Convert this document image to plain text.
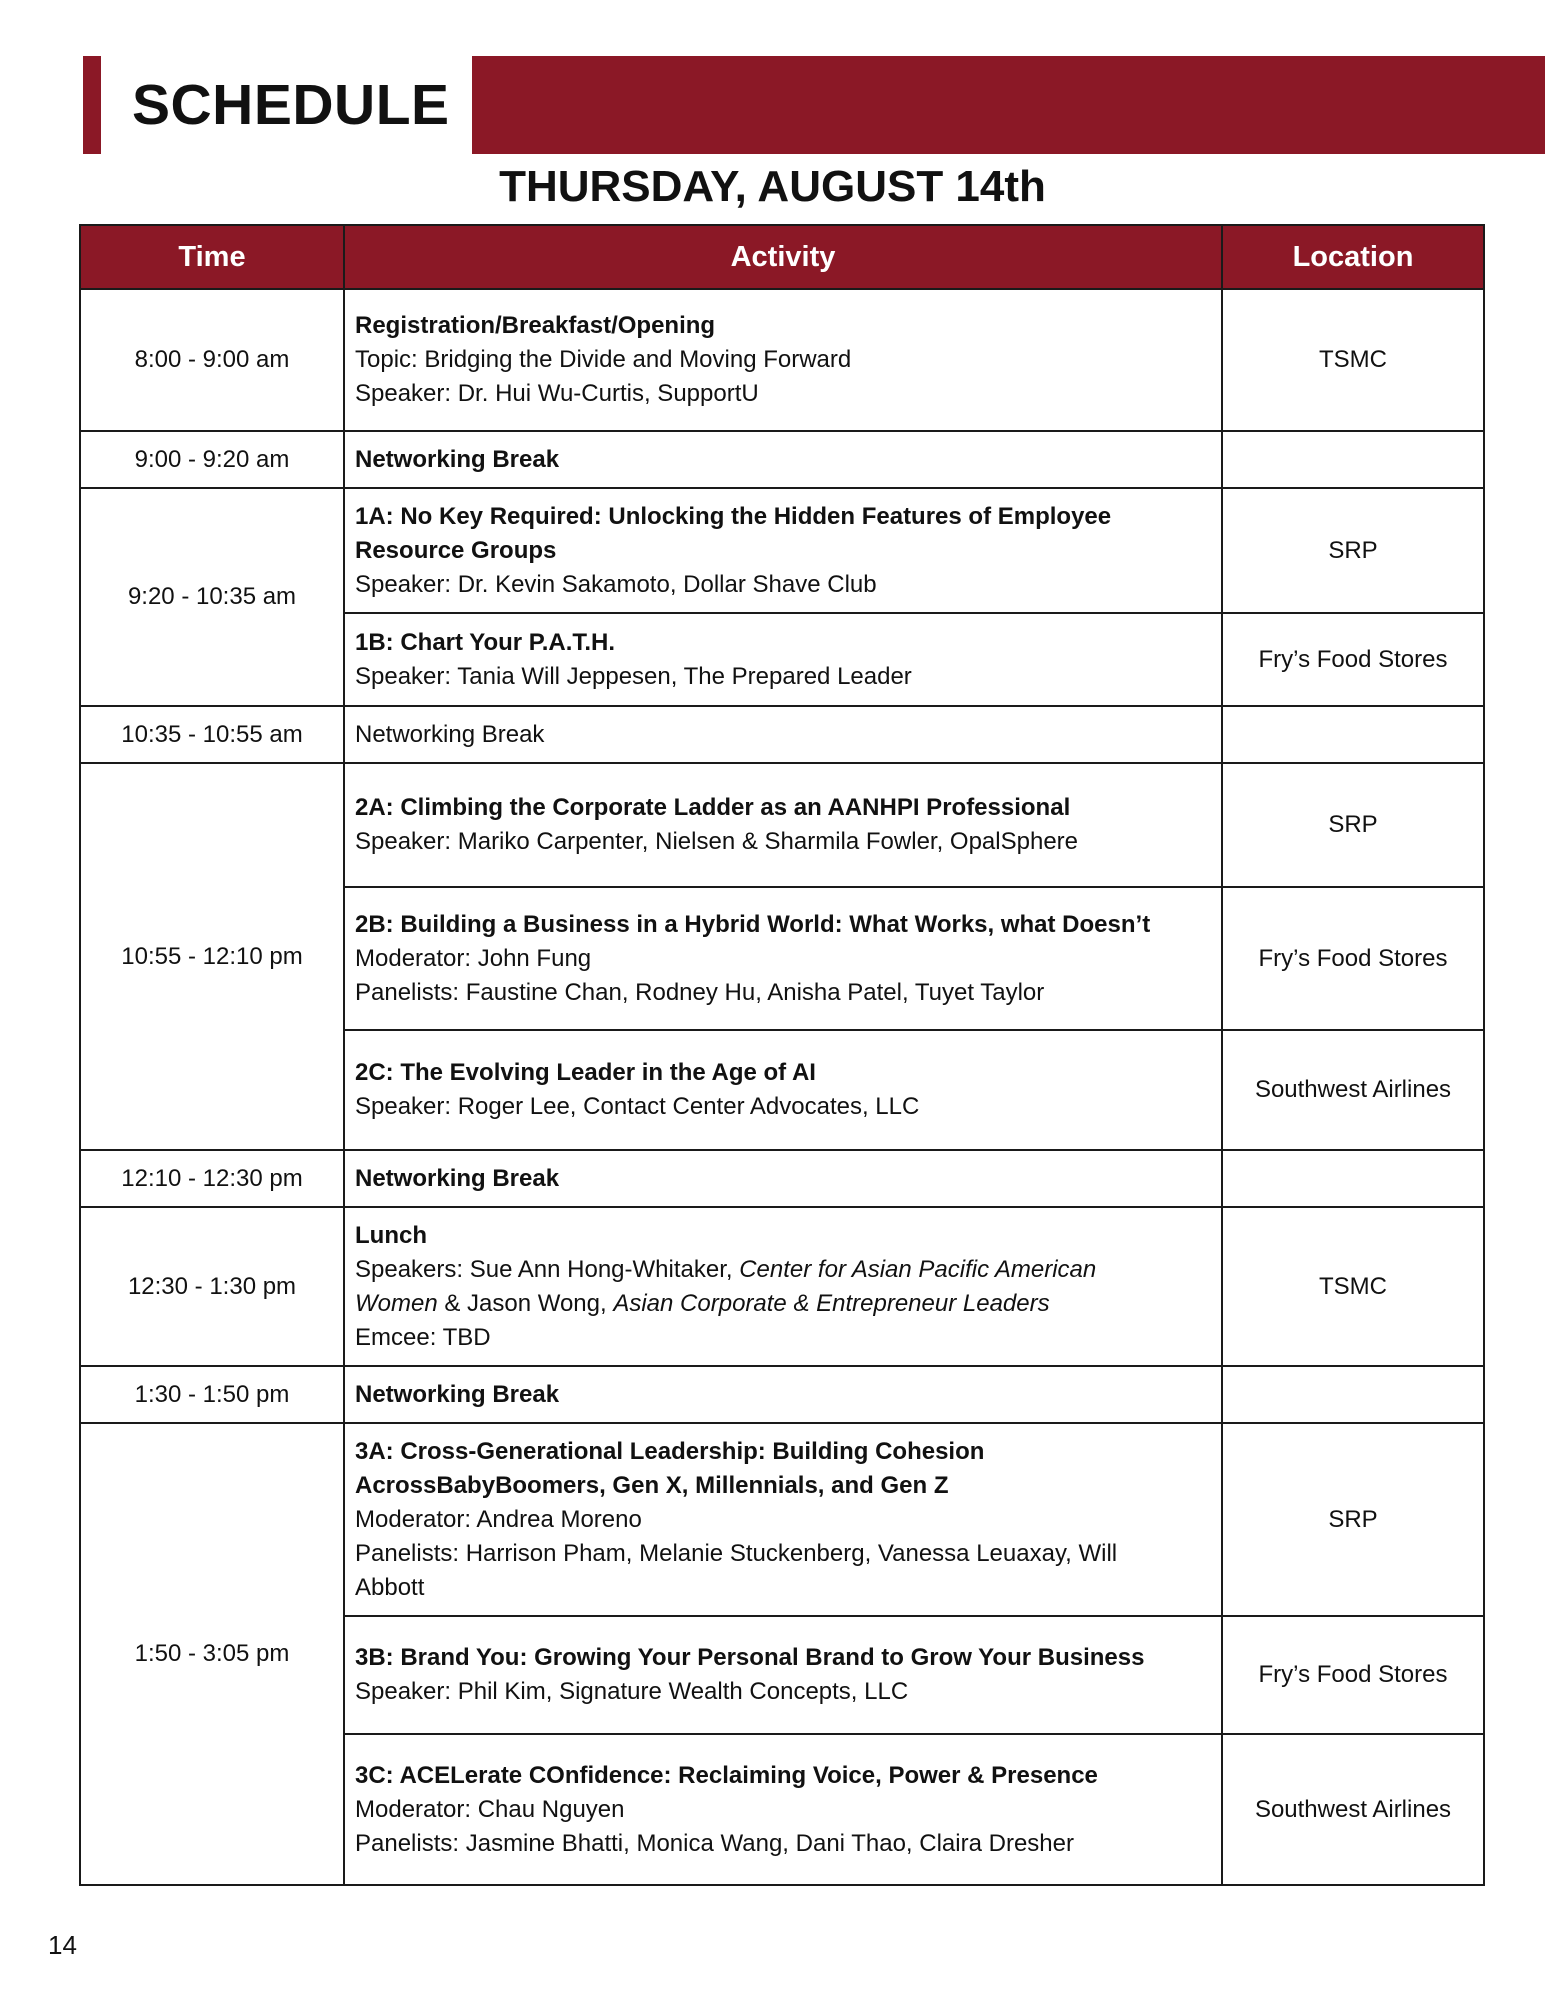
SCHEDULE
THURSDAY, AUGUST 14th
Time	Activity	Location
8:00 - 9:00 am	Registration/Breakfast/Opening
Topic: Bridging the Divide and Moving Forward
Speaker: Dr. Hui Wu-Curtis, SupportU	TSMC
9:00 - 9:20 am	Networking Break	
9:20 - 10:35 am	1A: No Key Required: Unlocking the Hidden Features of Employee
Resource Groups
Speaker: Dr. Kevin Sakamoto, Dollar Shave Club	SRP

	1B: Chart Your P.A.T.H.
Speaker: Tania Will Jeppesen, The Prepared Leader	Fry’s Food Stores
10:35 - 10:55 am	Networking Break	
10:55 - 12:10 pm	2A: Climbing the Corporate Ladder as an AANHPI Professional
Speaker: Mariko Carpenter, Nielsen & Sharmila Fowler, OpalSphere	SRP

	2B: Building a Business in a Hybrid World: What Works, what Doesn’t
Moderator: John Fung
Panelists: Faustine Chan, Rodney Hu, Anisha Patel, Tuyet Taylor	Fry’s Food Stores

	2C: The Evolving Leader in the Age of AI
Speaker: Roger Lee, Contact Center Advocates, LLC	Southwest Airlines
12:10 - 12:30 pm	Networking Break	
12:30 - 1:30 pm	Lunch
Speakers: Sue Ann Hong-Whitaker, Center for Asian Pacific American
Women & Jason Wong, Asian Corporate & Entrepreneur Leaders
Emcee: TBD	TSMC
1:30 - 1:50 pm	Networking Break	
1:50 - 3:05 pm	3A: Cross-Generational Leadership: Building Cohesion
AcrossBabyBoomers, Gen X, Millennials, and Gen Z
Moderator: Andrea Moreno
Panelists: Harrison Pham, Melanie Stuckenberg, Vanessa Leuaxay, Will
Abbott	SRP

	3B: Brand You: Growing Your Personal Brand to Grow Your Business
Speaker: Phil Kim, Signature Wealth Concepts, LLC	Fry’s Food Stores

	3C: ACELerate COnfidence: Reclaiming Voice, Power & Presence
Moderator: Chau Nguyen
Panelists: Jasmine Bhatti, Monica Wang, Dani Thao, Claira Dresher	Southwest Airlines
14
